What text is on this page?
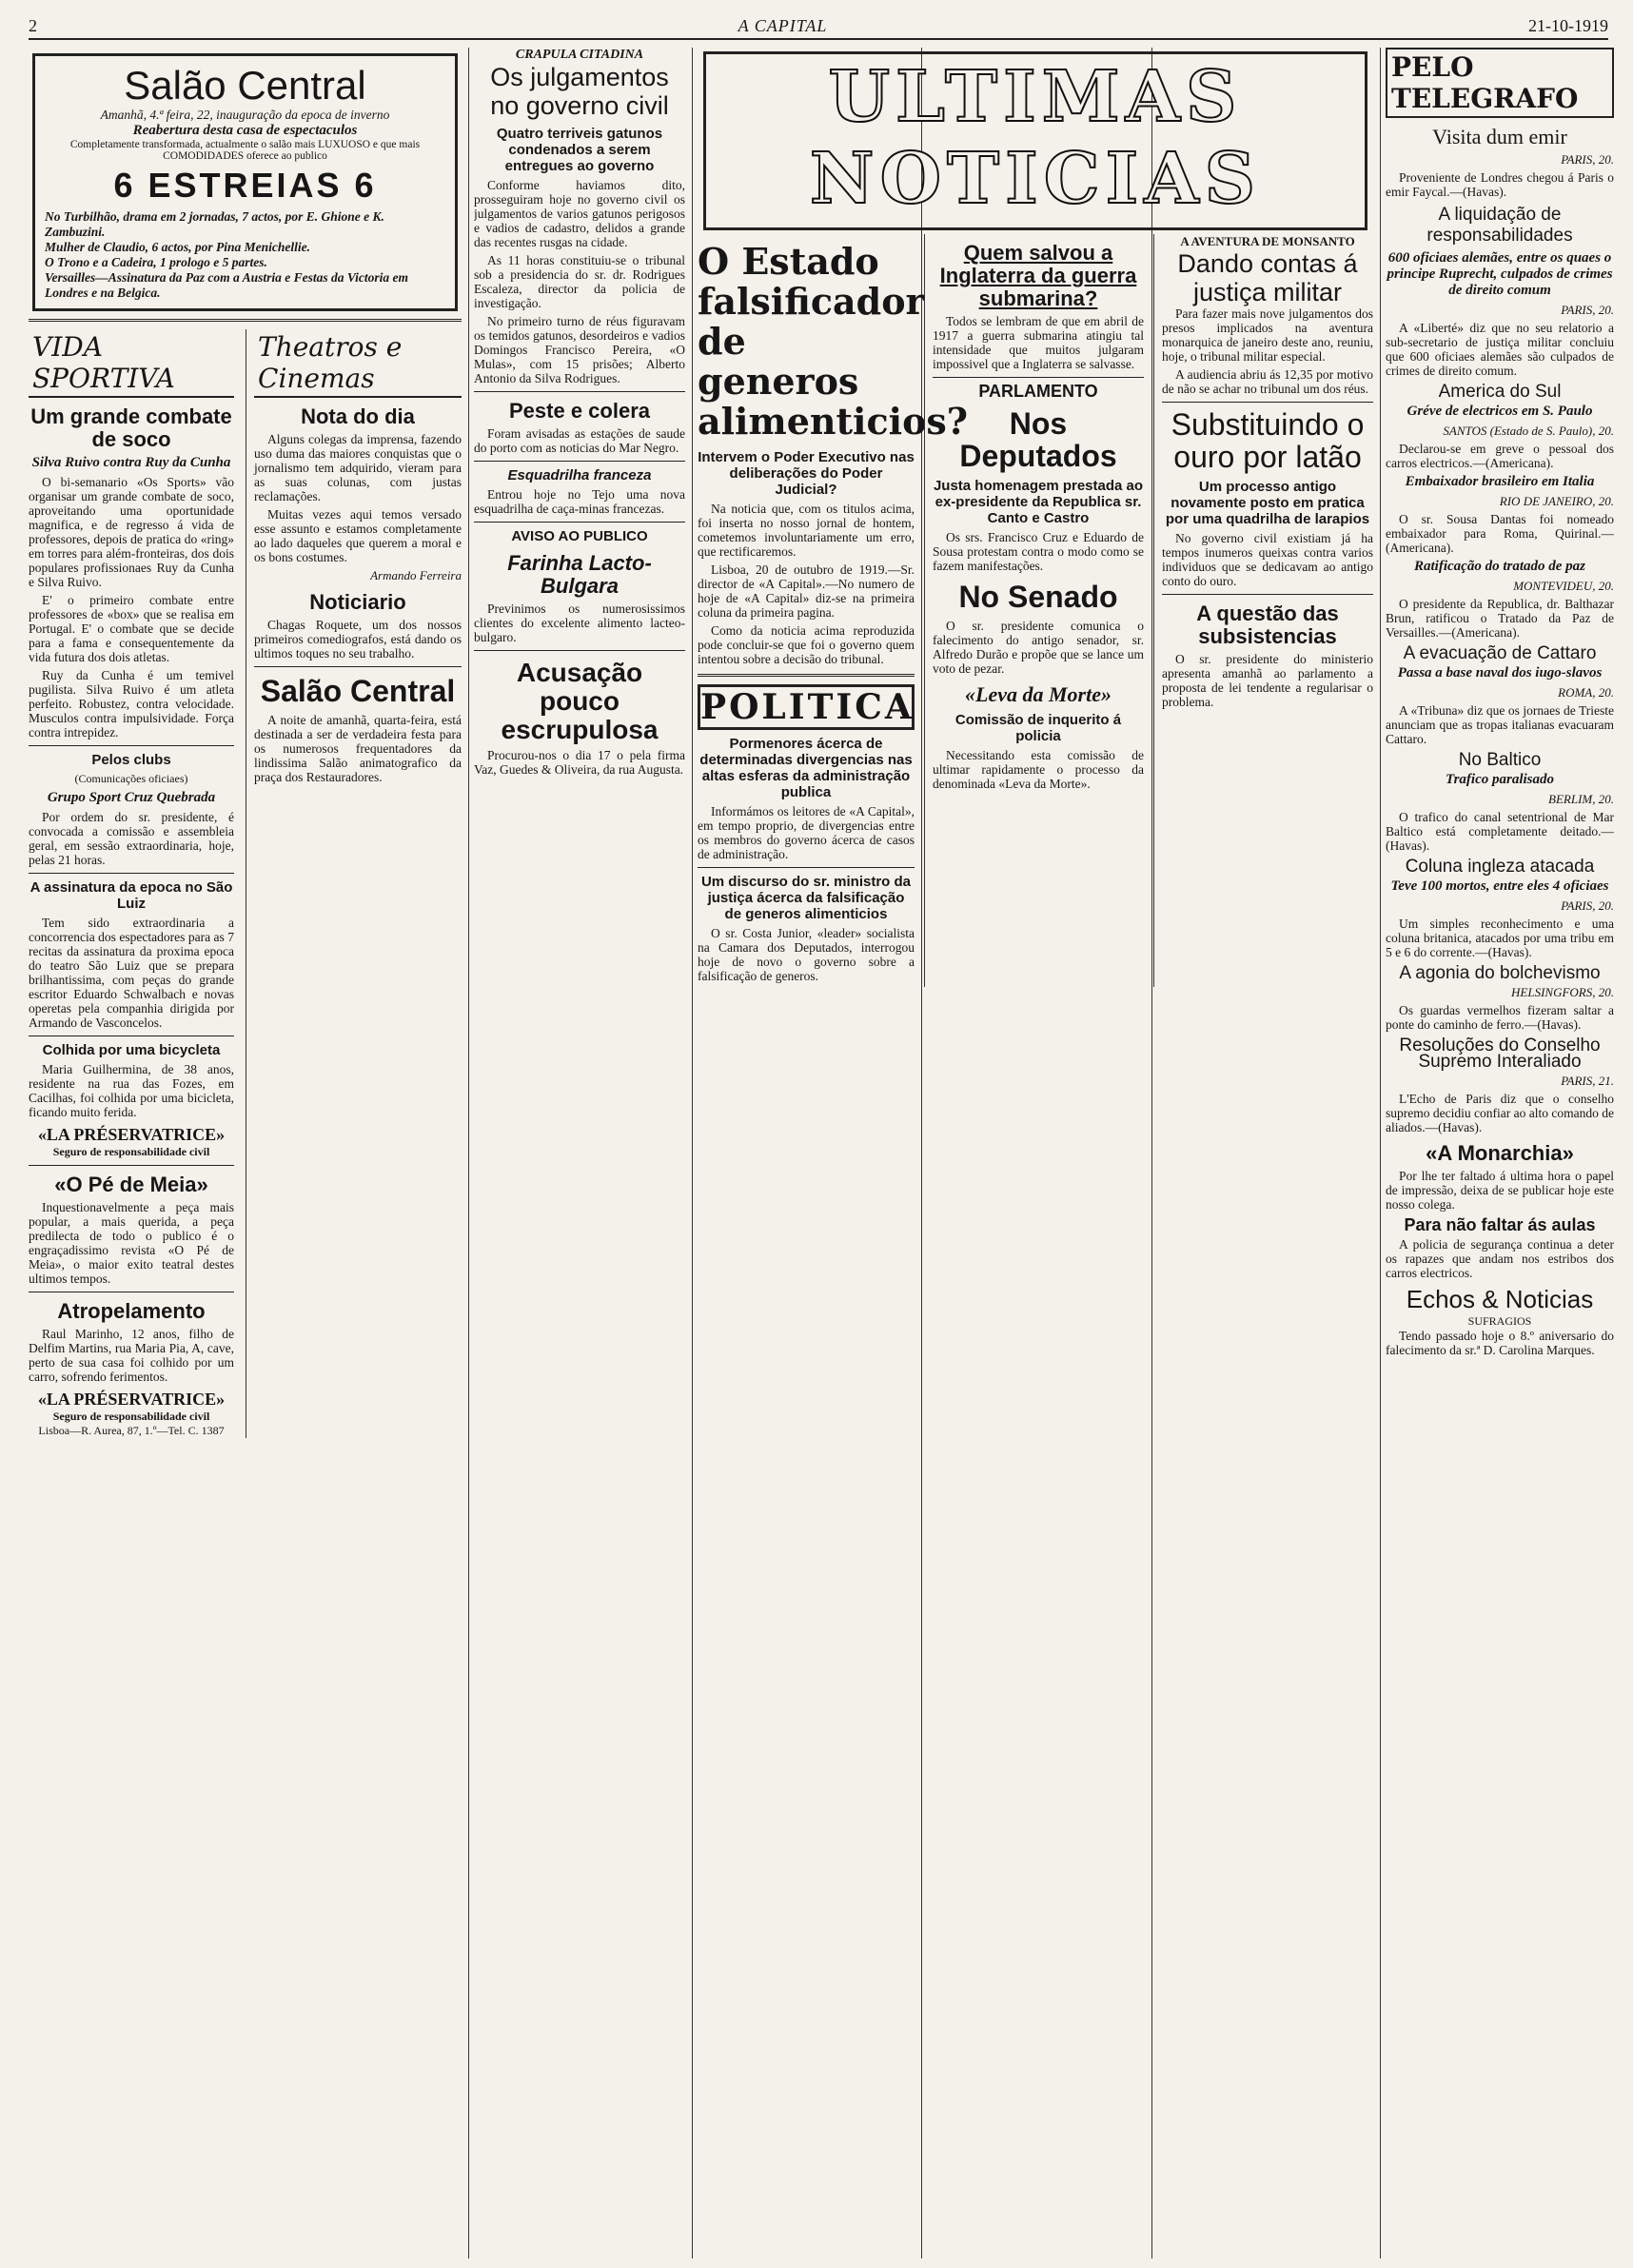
2	A CAPITAL	21-10-1919
Salão Central
Amanhã, 4.ª feira, 22, inauguração da epoca de inverno
Reabertura desta casa de espectaculos
Completamente transformada, actualmente o salão mais LUXUOSO e que mais COMODIDADES oferece ao publico
6 ESTREIAS 6
No Turbilhão, drama em 2 jornadas, 7 actos, por E. Ghione e K. Zambuzini.
Mulher de Claudio, 6 actos, por Pina Menichellie.
O Trono e a Cadeira, 1 prologo e 5 partes.
Versailles—Assinatura da Paz com a Austria e Festas da Victoria em Londres e na Belgica.
VIDA SPORTIVA
Um grande combate de soco
Silva Ruivo contra Ruy da Cunha

O bi-semanario «Os Sports» vão organisar um grande combate de soco, aproveitando uma oportunidade magnifica, e de regresso á vida de professores, depois de pratica do «ring» em torres para além-fronteiras, dos dois populares profissionaes Ruy da Cunha e Silva Ruivo.

E' o primeiro combate entre professores de «box» que se realisa em Portugal. E' o combate que se decide para a fama e consequentemente da vida futura dos dois atletas.

Ruy da Cunha é um temivel pugilista. Silva Ruivo é um atleta perfeito. Robustez, contra velocidade. Musculos contra impulsividade. Força contra intrepidez.

Pelos clubs
(Comunicações oficiaes)
Grupo Sport Cruz Quebrada

Por ordem do sr. presidente, é convocada a comissão e assembleia geral, em sessão extraordinaria, hoje, pelas 21 horas.

A assinatura da epoca no São Luiz

Tem sido extraordinaria a concorrencia dos espectadores para as 7 recitas da assinatura da proxima epoca do teatro São Luiz que se prepara brilhantissima, com peças do grande escritor Eduardo Schwalbach e novas operetas pela companhia dirigida por Armando de Vasconcelos.

Colhida por uma bicycleta

Maria Guilhermina, de 38 anos, residente na rua das Fozes, em Cacilhas, foi colhida por uma bicicleta, ficando muito ferida.

«LA PRÉSERVATRICE»
Seguro de responsabilidade civil
«O Pé de Meia»

Inquestionavelmente a peça mais popular, a mais querida, a peça predilecta de todo o publico é o engraçadissimo revista «O Pé de Meia», o maior exito teatral destes ultimos tempos.

Atropelamento

Raul Marinho, 12 anos, filho de Delfim Martins, rua Maria Pia, A, cave, perto de sua casa foi colhido por um carro, sofrendo ferimentos.

«LA PRÉSERVATRICE»
Seguro de responsabilidade civil
Lisboa—R. Aurea, 87, 1.º—Tel. C. 1387
Theatros e Cinemas
Nota do dia

Alguns colegas da imprensa, fazendo uso duma das maiores conquistas que o jornalismo tem adquirido, vieram para as suas colunas, com justas reclamações.

Muitas vezes aqui temos versado esse assunto e estamos completamente ao lado daqueles que querem a moral e os bons costumes.

Armando Ferreira
Noticiario

Chagas Roquete, um dos nossos primeiros comediografos, está dando os ultimos toques no seu trabalho.

Salão Central

A noite de amanhã, quarta-feira, está destinada a ser de verdadeira festa para os numerosos frequentadores da lindissima Salão animatografico da praça dos Restauradores.

CRAPULA CITADINA
Os julgamentos no governo civil
Quatro terriveis gatunos condenados a serem entregues ao governo

Conforme haviamos dito, prosseguiram hoje no governo civil os julgamentos de varios gatunos perigosos e vadios de cadastro, delidos a grande das recentes rusgas na cidade.

As 11 horas constituiu-se o tribunal sob a presidencia do sr. dr. Rodrigues Escaleza, director da policia de investigação.

No primeiro turno de réus figuravam os temidos gatunos, desordeiros e vadios Domingos Francisco Pereira, «O Mulas», com 15 prisões; Alberto Antonio da Silva Rodrigues.

Peste e colera

Foram avisadas as estações de saude do porto com as noticias do Mar Negro.

Esquadrilha franceza

Entrou hoje no Tejo uma nova esquadrilha de caça-minas francezas.

AVISO AO PUBLICO
Farinha Lacto-Bulgara

Previnimos os numerosissimos clientes do excelente alimento lacteo-bulgaro.

Acusação pouco escrupulosa

Procurou-nos o dia 17 o pela firma Vaz, Guedes & Oliveira, da rua Augusta.

ULTIMAS NOTICIAS
O Estado falsificador de generos alimenticios?
Intervem o Poder Executivo nas deliberações do Poder Judicial?

Na noticia que, com os titulos acima, foi inserta no nosso jornal de hontem, cometemos involuntariamente um erro, que rectificaremos.

Lisboa, 20 de outubro de 1919.—Sr. director de «A Capital».—No numero de hoje de «A Capital» diz-se na primeira coluna da primeira pagina.

Como da noticia acima reproduzida pode concluir-se que foi o governo quem intentou sobre a decisão do tribunal.

POLITICA
Pormenores ácerca de determinadas divergencias nas altas esferas da administração publica

Informámos os leitores de «A Capital», em tempo proprio, de divergencias entre os membros do governo ácerca de casos de administração.

Um discurso do sr. ministro da justiça ácerca da falsificação de generos alimenticios

O sr. Costa Junior, «leader» socialista na Camara dos Deputados, interrogou hoje de novo o governo sobre a falsificação de generos.

Quem salvou a Inglaterra da guerra submarina?

Todos se lembram de que em abril de 1917 a guerra submarina atingiu tal intensidade que muitos julgaram impossivel que a Inglaterra se salvasse.

PARLAMENTO
Nos Deputados
Justa homenagem prestada ao ex-presidente da Republica sr. Canto e Castro

Os srs. Francisco Cruz e Eduardo de Sousa protestam contra o modo como se fazem manifestações.

No Senado

O sr. presidente comunica o falecimento do antigo senador, sr. Alfredo Durão e propõe que se lance um voto de pezar.

«Leva da Morte»
Comissão de inquerito á policia

Necessitando esta comissão de ultimar rapidamente o processo da denominada «Leva da Morte».

A AVENTURA DE MONSANTO
Dando contas á justiça militar

Para fazer mais nove julgamentos dos presos implicados na aventura monarquica de janeiro deste ano, reuniu, hoje, o tribunal militar especial.

A audiencia abriu ás 12,35 por motivo de não se achar no tribunal um dos réus.

Substituindo o ouro por latão
Um processo antigo novamente posto em pratica por uma quadrilha de larapios

No governo civil existiam já ha tempos inumeros queixas contra varios individuos que se dedicavam ao antigo conto do ouro.

A questão das subsistencias

O sr. presidente do ministerio apresenta amanhã ao parlamento a proposta de lei tendente a regularisar o problema.

PELO TELEGRAFO
Visita dum emir
PARIS, 20.

Proveniente de Londres chegou á Paris o emir Faycal.—(Havas).

A liquidação de responsabilidades
600 oficiaes alemães, entre os quaes o principe Ruprecht, culpados de crimes de direito comum
PARIS, 20.

A «Liberté» diz que no seu relatorio a sub-secretario de justiça militar concluiu que 600 oficiaes alemães são culpados de crimes de direito comum.

America do Sul
Gréve de electricos em S. Paulo
SANTOS (Estado de S. Paulo), 20.

Declarou-se em greve o pessoal dos carros electricos.—(Americana).

Embaixador brasileiro em Italia
RIO DE JANEIRO, 20.

O sr. Sousa Dantas foi nomeado embaixador para Roma, Quirinal.—(Americana).

Ratificação do tratado de paz
MONTEVIDEU, 20.

O presidente da Republica, dr. Balthazar Brun, ratificou o Tratado da Paz de Versailles.—(Americana).

A evacuação de Cattaro
Passa a base naval dos iugo-slavos
ROMA, 20.

A «Tribuna» diz que os jornaes de Trieste anunciam que as tropas italianas evacuaram Cattaro.

No Baltico
Trafico paralisado
BERLIM, 20.

O trafico do canal setentrional de Mar Baltico está completamente deitado.—(Havas).

Coluna ingleza atacada
Teve 100 mortos, entre eles 4 oficiaes
PARIS, 20.

Um simples reconhecimento e uma coluna britanica, atacados por uma tribu em 5 e 6 do corrente.—(Havas).

A agonia do bolchevismo
HELSINGFORS, 20.

Os guardas vermelhos fizeram saltar a ponte do caminho de ferro.—(Havas).

Resoluções do Conselho Supremo Interaliado
PARIS, 21.

L'Echo de Paris diz que o conselho supremo decidiu confiar ao alto comando de aliados.—(Havas).

«A Monarchia»

Por lhe ter faltado á ultima hora o papel de impressão, deixa de se publicar hoje este nosso colega.

Para não faltar ás aulas

A policia de segurança continua a deter os rapazes que andam nos estribos dos carros electricos.

Echos & Noticias
SUFRAGIOS

Tendo passado hoje o 8.º aniversario do falecimento da sr.ª D. Carolina Marques.
